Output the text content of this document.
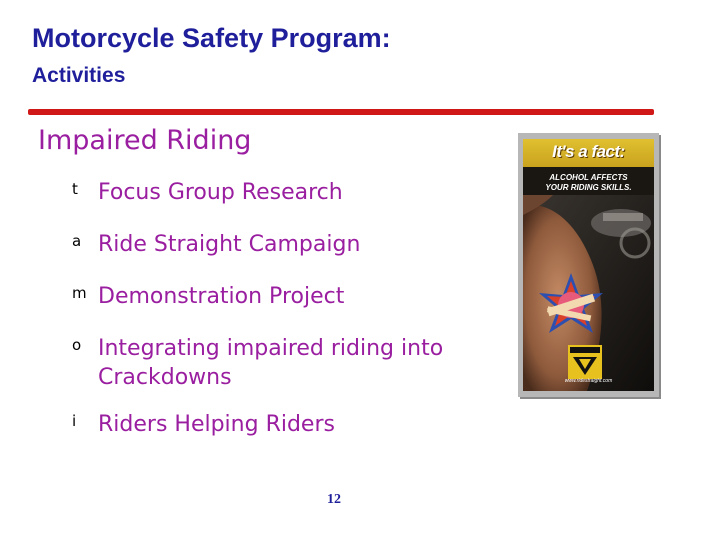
Motorcycle Safety Program:
Activities
Impaired Riding
t Focus Group Research
a Ride Straight Campaign
m Demonstration Project
o Integrating impaired riding into Crackdowns
i Riders Helping Riders
It's a fact:
ALCOHOL AFFECTS
YOUR RIDING SKILLS.
www.ridestraight.com
12
